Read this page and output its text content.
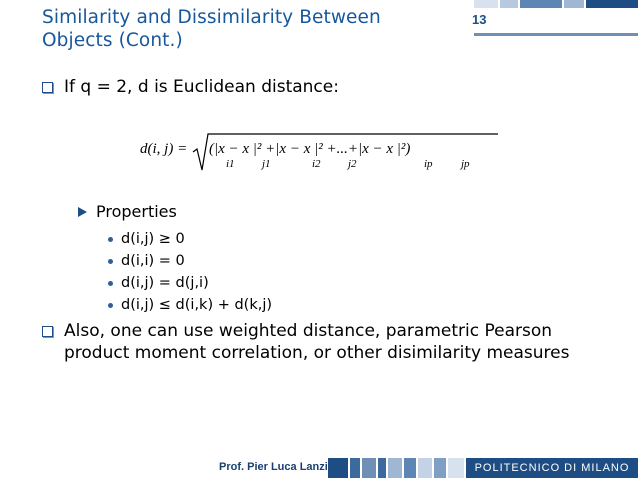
Similarity and Dissimilarity Between
Objects (Cont.)
13
If q = 2, d is Euclidean distance:
d(i, j) = (|x − x |² +|x − x |² +...+|x − x |²)
i1 j1	i2 j2	ip	jp
Properties
d(i,j) ≥ 0
d(i,i) = 0
d(i,j) = d(j,i)
d(i,j) ≤ d(i,k) + d(k,j)
Also, one can use weighted distance, parametric Pearson
product moment correlation, or other disimilarity measures
Prof. Pier Luca Lanzi	POLITECNICO DI MILANO
